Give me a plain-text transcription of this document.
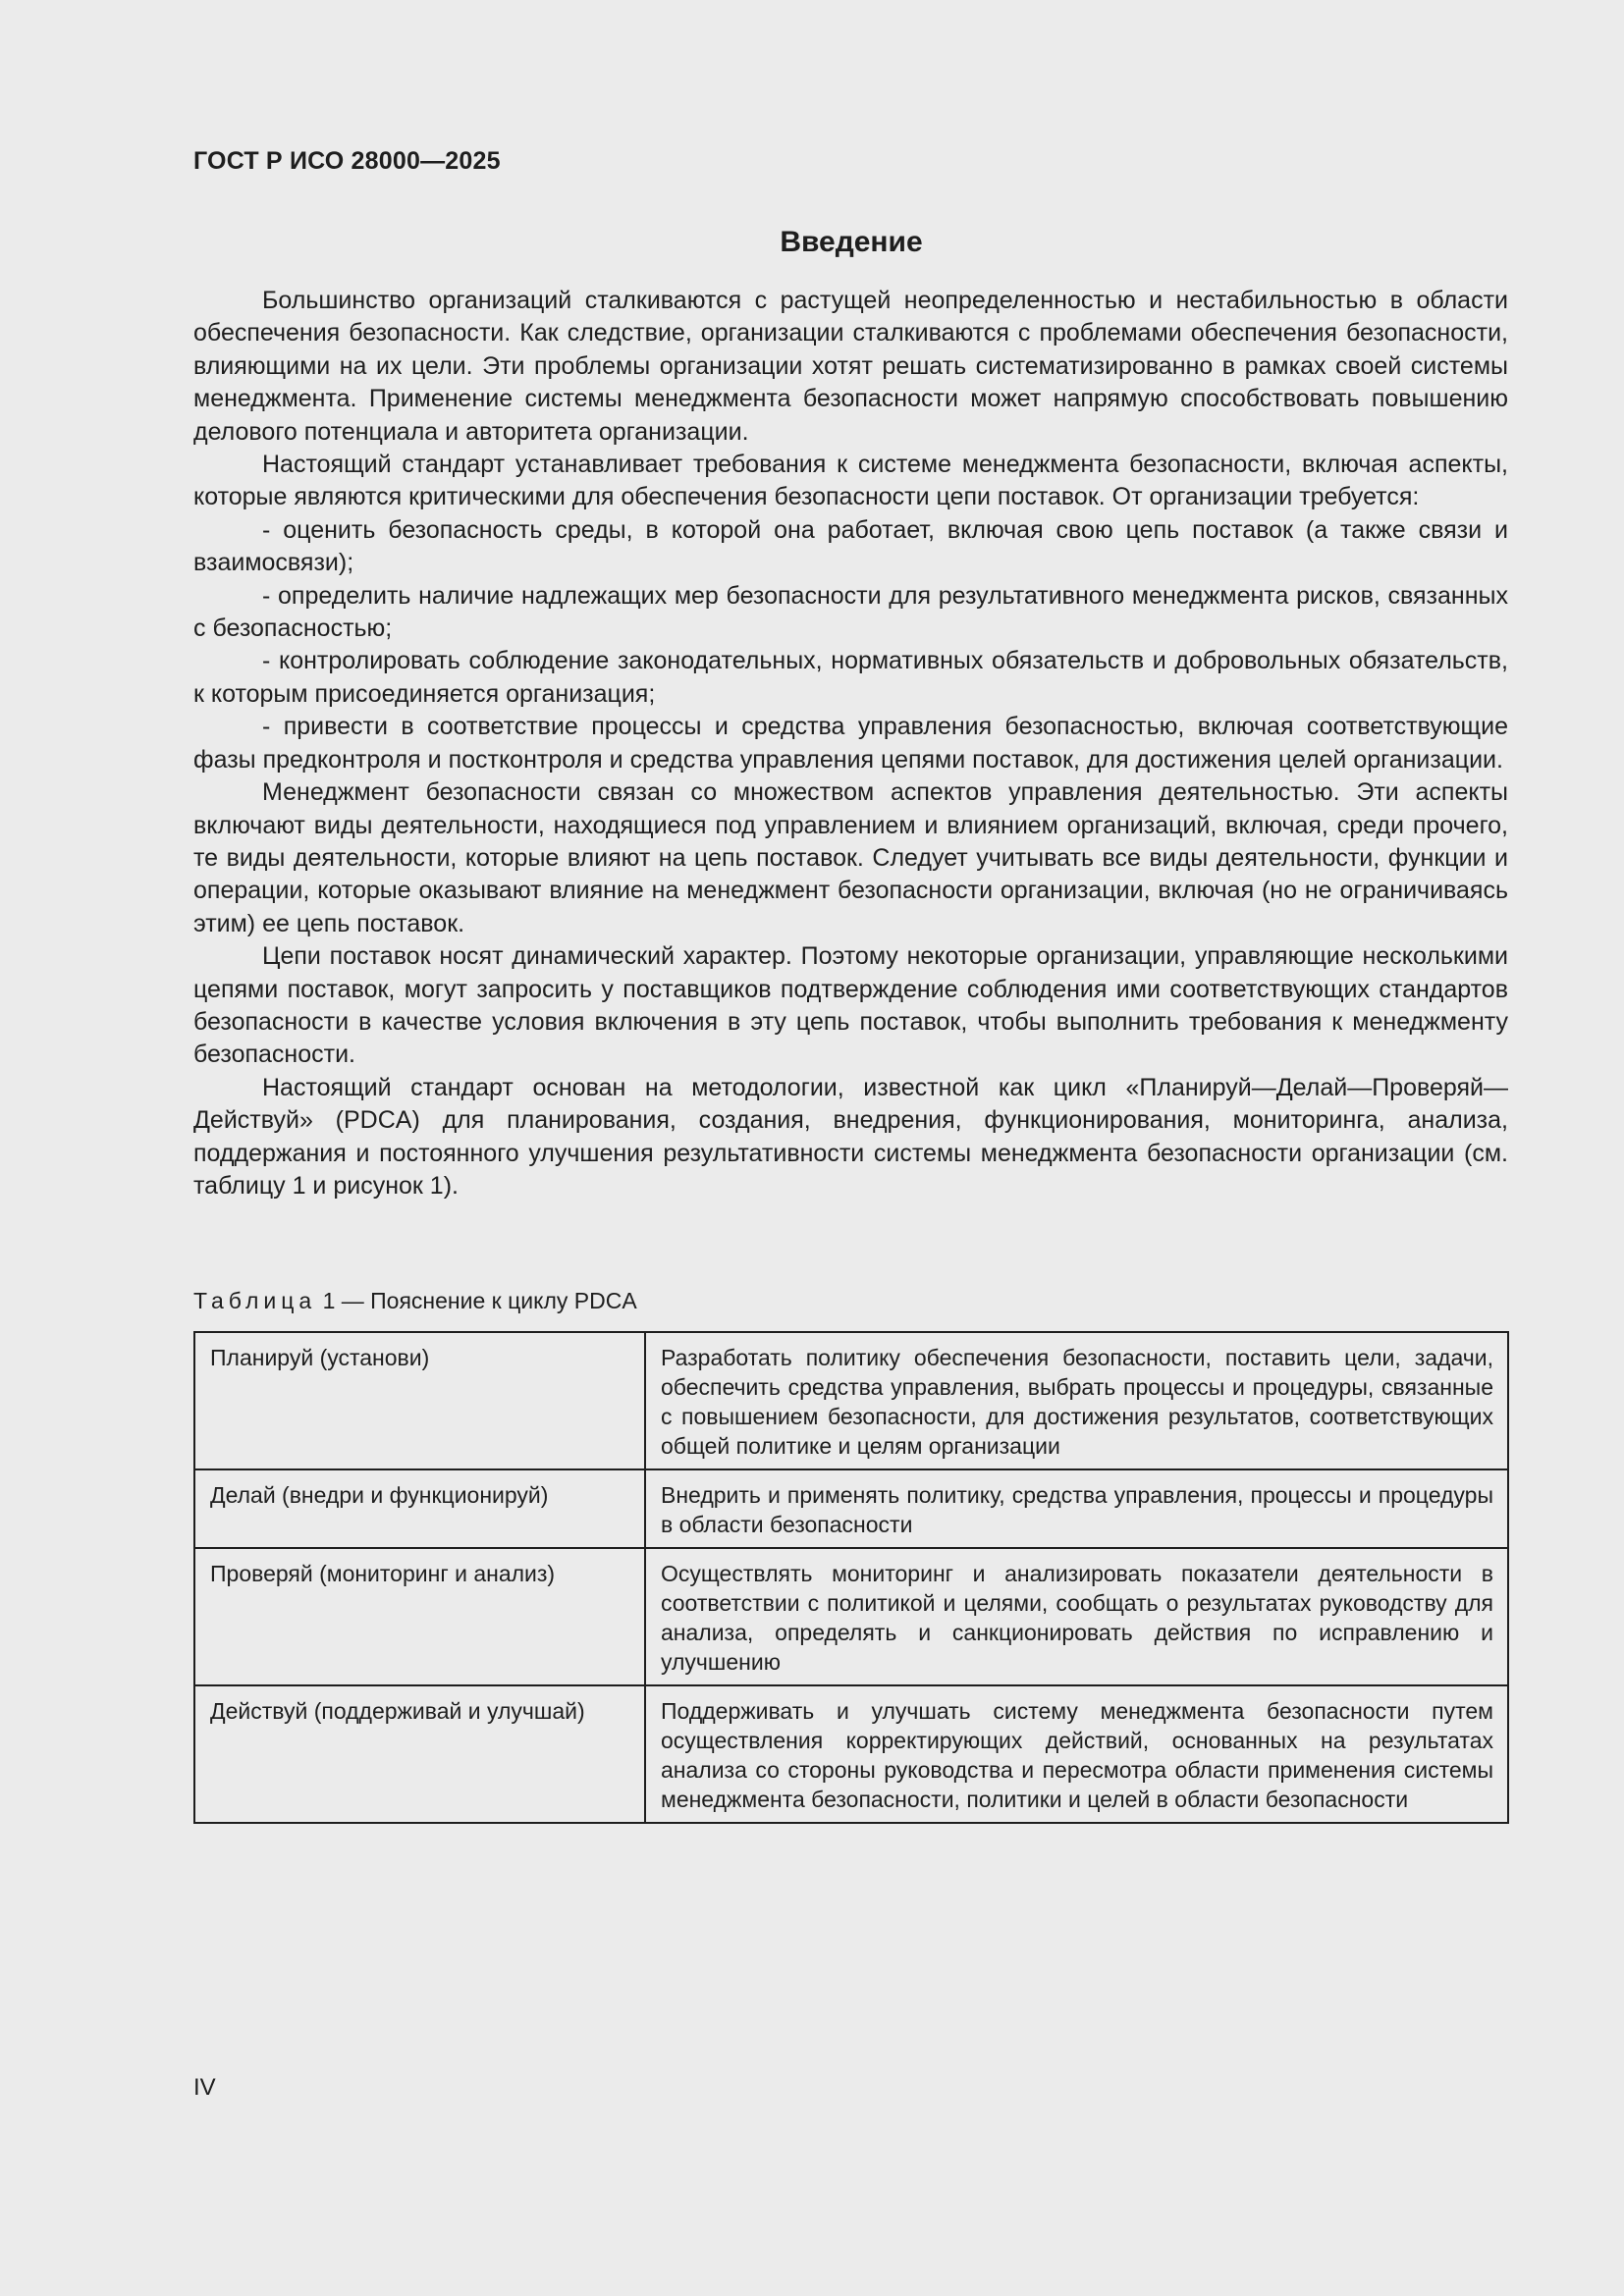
ГОСТ Р ИСО 28000—2025
Введение

Большинство организаций сталкиваются с растущей неопределенностью и нестабильностью в области обеспечения безопасности. Как следствие, организации сталкиваются с проблемами обеспечения безопасности, влияющими на их цели. Эти проблемы организации хотят решать систематизированно в рамках своей системы менеджмента. Применение системы менеджмента безопасности может напрямую способствовать повышению делового потенциала и авторитета организации.

Настоящий стандарт устанавливает требования к системе менеджмента безопасности, включая аспекты, которые являются критическими для обеспечения безопасности цепи поставок. От организации требуется:

- оценить безопасность среды, в которой она работает, включая свою цепь поставок (а также связи и взаимосвязи);

- определить наличие надлежащих мер безопасности для результативного менеджмента рисков, связанных с безопасностью;

- контролировать соблюдение законодательных, нормативных обязательств и добровольных обязательств, к которым присоединяется организация;

- привести в соответствие процессы и средства управления безопасностью, включая соответствующие фазы предконтроля и постконтроля и средства управления цепями поставок, для достижения целей организации.

Менеджмент безопасности связан со множеством аспектов управления деятельностью. Эти аспекты включают виды деятельности, находящиеся под управлением и влиянием организаций, включая, среди прочего, те виды деятельности, которые влияют на цепь поставок. Следует учитывать все виды деятельности, функции и операции, которые оказывают влияние на менеджмент безопасности организации, включая (но не ограничиваясь этим) ее цепь поставок.

Цепи поставок носят динамический характер. Поэтому некоторые организации, управляющие несколькими цепями поставок, могут запросить у поставщиков подтверждение соблюдения ими соответствующих стандартов безопасности в качестве условия включения в эту цепь поставок, чтобы выполнить требования к менеджменту безопасности.

Настоящий стандарт основан на методологии, известной как цикл «Планируй—Делай—Проверяй—Действуй» (PDCA) для планирования, создания, внедрения, функционирования, мониторинга, анализа, поддержания и постоянного улучшения результативности системы менеджмента безопасности организации (см. таблицу 1 и рисунок 1).

Таблица 1 — Пояснение к циклу PDCA
Планируй (установи)	Разработать политику обеспечения безопасности, поставить цели, задачи, обеспечить средства управления, выбрать процессы и процедуры, связанные с повышением безопасности, для достижения результатов, соответствующих общей политике и целям организации
Делай (внедри и функционируй)	Внедрить и применять политику, средства управления, процессы и процедуры в области безопасности
Проверяй (мониторинг и анализ)	Осуществлять мониторинг и анализировать показатели деятельности в соответствии с политикой и целями, сообщать о результатах руководству для анализа, определять и санкционировать действия по исправлению и улучшению
Действуй (поддерживай и улучшай)	Поддерживать и улучшать систему менеджмента безопасности путем осуществления корректирующих действий, основанных на результатах анализа со стороны руководства и пересмотра области применения системы менеджмента безопасности, политики и целей в области безопасности
IV
